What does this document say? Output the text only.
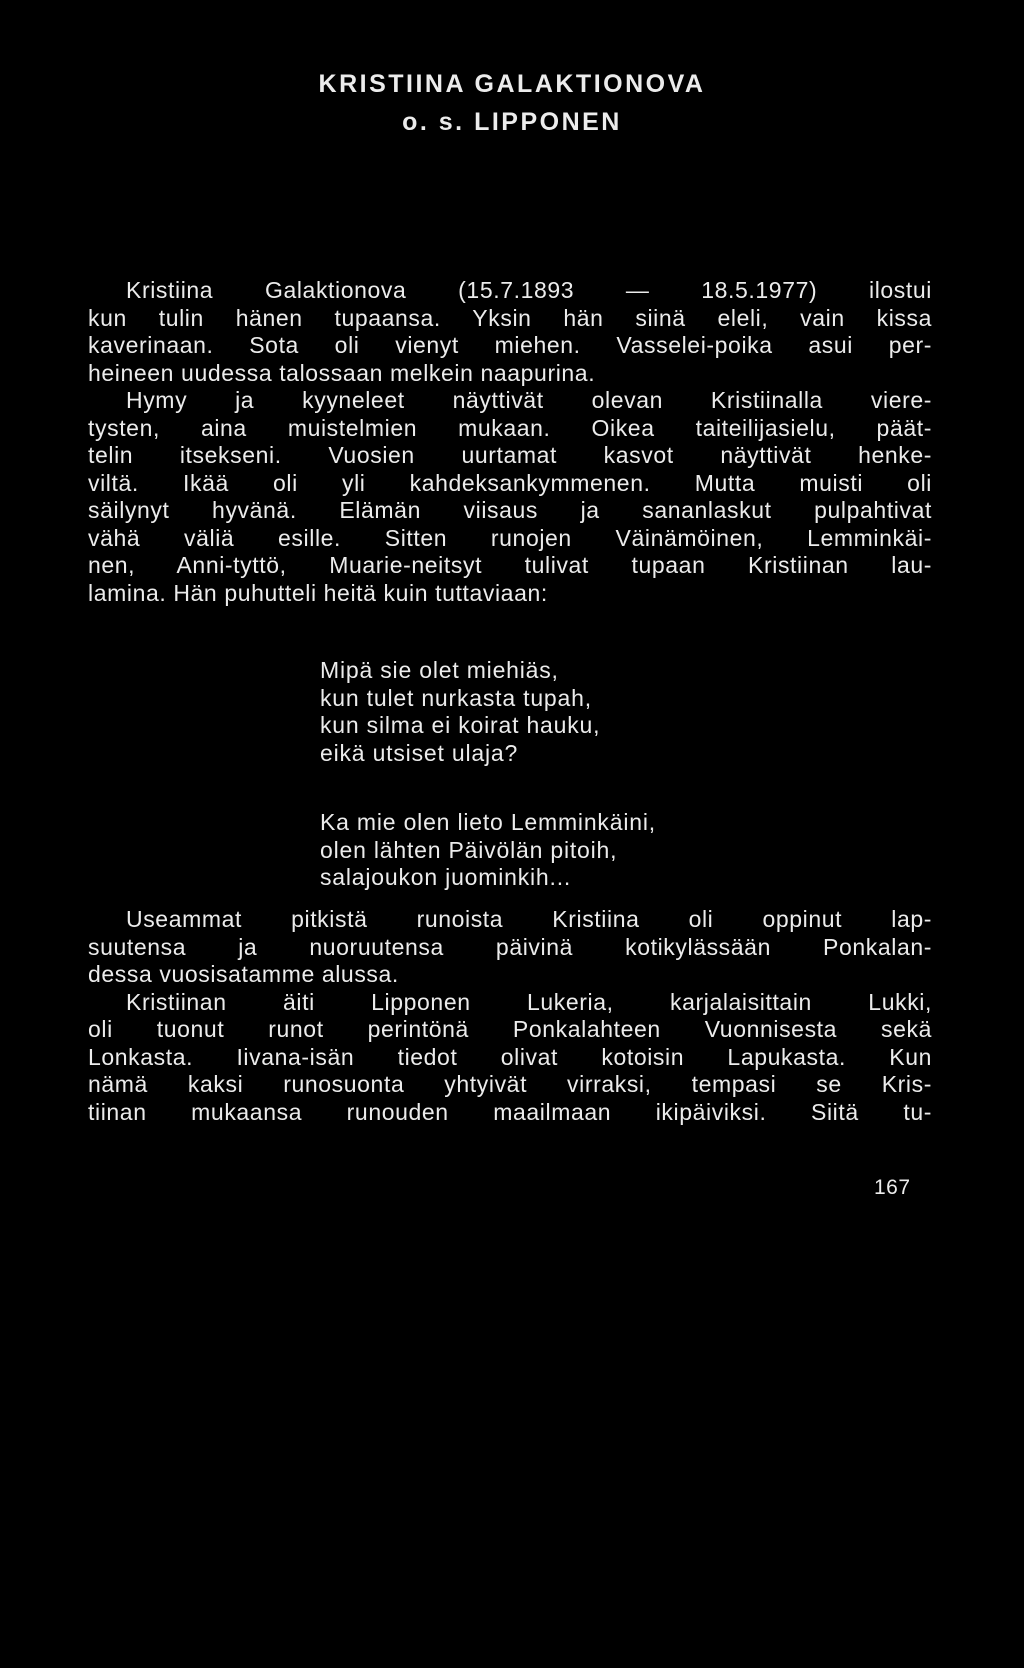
KRISTIINA GALAKTIONOVA
o. s. LIPPONEN
Kristiina Galaktionova (15.7.1893 — 18.5.1977) ilostui
kun tulin hänen tupaansa. Yksin hän siinä eleli, vain kissa
kaverinaan. Sota oli vienyt miehen. Vasselei-poika asui per-
heineen uudessa talossaan melkein naapurina.
Hymy ja kyyneleet näyttivät olevan Kristiinalla viere-
tysten, aina muistelmien mukaan. Oikea taiteilijasielu, päät-
telin itsekseni. Vuosien uurtamat kasvot näyttivät henke-
viltä. Ikää oli yli kahdeksankymmenen. Mutta muisti oli
säilynyt hyvänä. Elämän viisaus ja sananlaskut pulpahtivat
vähä väliä esille. Sitten runojen Väinämöinen, Lemminkäi-
nen, Anni-tyttö, Muarie-neitsyt tulivat tupaan Kristiinan lau-
lamina. Hän puhutteli heitä kuin tuttaviaan:
Mipä sie olet miehiäs,
kun tulet nurkasta tupah,
kun silma ei koirat hauku,
eikä utsiset ulaja?
Ka mie olen lieto Lemminkäini,
olen lähten Päivölän pitoih,
salajoukon juominkih...
Useammat pitkistä runoista Kristiina oli oppinut lap-
suutensa ja nuoruutensa päivinä kotikylässään Ponkalan-
dessa vuosisatamme alussa.
Kristiinan äiti Lipponen Lukeria, karjalaisittain Lukki,
oli tuonut runot perintönä Ponkalahteen Vuonnisesta sekä
Lonkasta. Iivana-isän tiedot olivat kotoisin Lapukasta. Kun
nämä kaksi runosuonta yhtyivät virraksi, tempasi se Kris-
tiinan mukaansa runouden maailmaan ikipäiviksi. Siitä tu-
167
